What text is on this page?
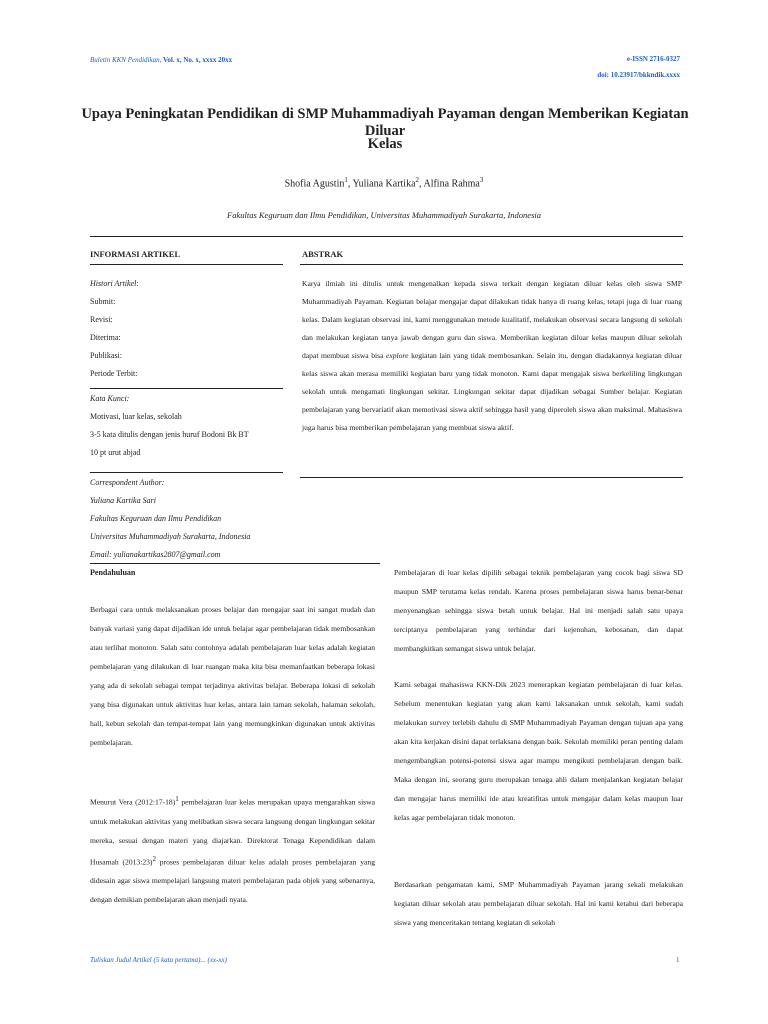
Buletin KKN Pendidikan, Vol. x, No. x, xxxx 20xx	e-ISSN 2716-0327
doi: 10.23917/bkkndik.xxxx
Upaya Peningkatan Pendidikan di SMP Muhammadiyah Payaman dengan Memberikan Kegiatan Diluar
Kelas
Shofia Agustin$^1$, Yuliana Kartika$^2$, Alfina Rahma$^3$
Fakultas Keguruan dan Ilmu Pendidikan, Universitas Muhammadiyah Surakarta, Indonesia
INFORMASI ARTIKEL	ABSTRAK
Histori Artikel:
Submit:
Revisi:
Diterima:
Publikasi:
Periode Terbit:
Kata Kunci:
Motivasi, luar kelas, sekolah
3-5 kata ditulis dengan jenis huruf Bodoni Bk BT
10 pt urut abjad
Correspondent Author:
Yuliana Kartika Sari
Fakultas Keguruan dan Ilmu Pendidikan
Universitas Muhammadiyah Surakarta, Indonesia
Email: yulianakartikas2807@gmail.com
Karya ilmiah ini ditulis untuk mengenalkan kepada siswa terkait dengan kegiatan diluar kelas oleh siswa SMP Muhammadiyah Payaman. Kegiatan belajar mengajar dapat dilakukan tidak hanya di ruang kelas, tetapi juga di luar ruang kelas. Dalam kegiatan observasi ini, kami menggunakan metode kualitatif, melakukan observasi secara langsung di sekolah dan melakukan kegiatan tanya jawab dengan guru dan siswa. Memberikan kegiatan diluar kelas maupun diluar sekolah dapat membuat siswa bisa explore kegiatan lain yang tidak membosankan. Selain itu, dengan diadakannya kegiatan diluar kelas siswa akan merasa memiliki kegiatan baru yang tidak monoton. Kami dapat mengajak siswa berkeliling lingkungan sekolah untuk mengamati lingkungan sekitar. Lingkungan sekitar dapat dijadikan sebagai Sumber belajar. Kegiatan pembelajaran yang bervariatif akan memotivasi siswa aktif sehingga hasil yang diperoleh siswa akan maksimal. Mahasiswa juga harus bisa memberikan pembelajaran yang membuat siswa aktif.
Pendahuluan
Berbagai cara untuk melaksanakan proses belajar dan mengajar saat ini sangat mudah dan banyak variasi yang dapat dijadikan ide untuk belajar agar pembelajaran tidak membosankan atau terlihat monoton. Salah satu contohnya adalah pembelajaran luar kelas adalah kegiatan pembelajaran yang dilakukan di luar ruangan maka kita bisa memanfaatkan beberapa lokasi yang ada di sekolah sebagai tempat terjadinya aktivitas belajar. Beberapa lokasi di sekolah yang bisa digunakan untuk aktivitas luar kelas, antara lain taman sekolah, halaman sekolah, hall, kebun sekolah dan tempat-tempat lain yang memungkinkan digunakan untuk aktivitas pembelajaran.
Menurut Vera (2012:17-18)$^1$ pembelajaran luar kelas merupakan upaya mengarahkan siswa untuk melakukan aktivitas yang melibatkan siswa secara langsung dengan lingkungan sekitar mereka, sesuai dengan materi yang diajarkan. Direktorat Tenaga Kependidikan dalam Husamah (2013:23)$^2$ proses pembelajaran diluar kelas adalah proses pembelajaran yang didesain agar siswa mempelajari langsung materi pembelajaran pada objek yang sebenarnya, dengan demikian pembelajaran akan menjadi nyata.
Pembelajaran di luar kelas dipilih sebagai teknik pembelajaran yang cocok bagi siswa SD maupun SMP terutama kelas rendah. Karena proses pembelajaran siswa harus benar-benar menyenangkan sehingga siswa betah untuk belajar. Hal ini menjadi salah satu upaya terciptanya pembelajaran yang terhindar dari kejenuhan, kebosanan, dan dapat membangkitkan semangat siswa untuk belajar.
Kami sebagai mahasiswa KKN-Dik 2023 menerapkan kegiatan pembelajaran di luar kelas. Sebelum menentukan kegiatan yang akan kami laksanakan untuk sekolah, kami sudah melakukan survey terlebih dahulu di SMP Muhammadiyah Payaman dengan tujuan apa yang akan kita kerjakan disini dapat terlaksana dengan baik. Sekolah memiliki peran penting dalam mengembangkan potensi-potensi siswa agar mampu mengikuti pembelajaran dengan baik. Maka dengan ini, seorang guru merupakan tenaga ahli dalam menjalankan kegiatan belajar dan mengajar harus memiliki ide atau kreatifitas untuk mengajar dalam kelas maupun luar kelas agar pembelajaran tidak monoton.
Berdasarkan pengamatan kami, SMP Muhammadiyah Payaman jarang sekali melakukan kegiatan diluar sekolah atau pembelajaran diluar sekolah. Hal ini kami ketahui dari beberapa siswa yang menceritakan tentang kegiatan di sekolah
Tuliskan Judul Artikel (5 kata pertama)... (xx-xx)	1
